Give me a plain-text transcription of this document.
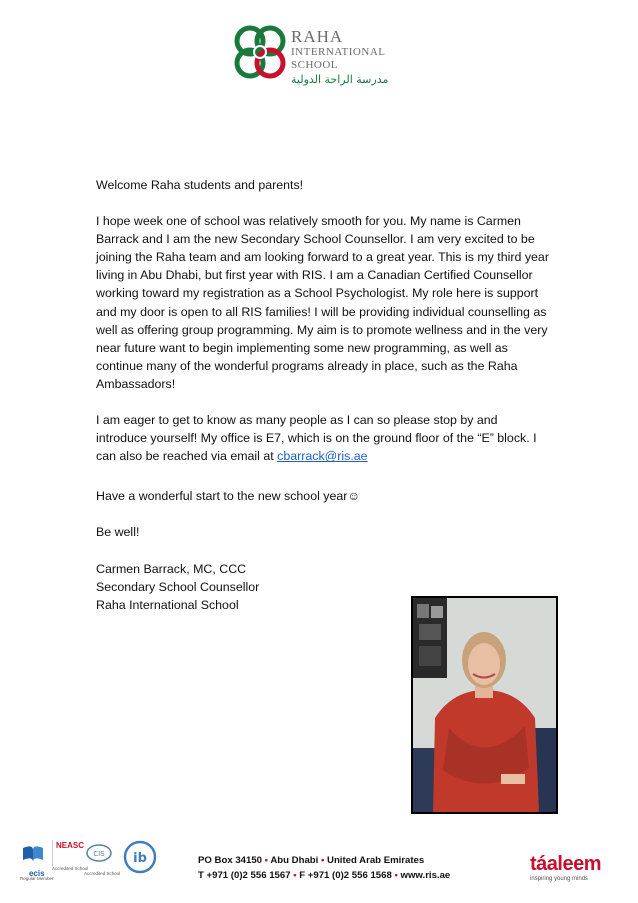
RAHA
INTERNATIONAL
SCHOOL
مدرسة الراحة الدولية

Welcome Raha students and parents!

I hope week one of school was relatively smooth for you. My name is Carmen Barrack and I am the new Secondary School Counsellor. I am very excited to be joining the Raha team and am looking forward to a great year. This is my third year living in Abu Dhabi, but first year with RIS. I am a Canadian Certified Counsellor working toward my registration as a School Psychologist. My role here is support and my door is open to all RIS families! I will be providing individual counselling as well as offering group programming. My aim is to promote wellness and in the very near future want to begin implementing some new programming, as well as continue many of the wonderful programs already in place, such as the Raha Ambassadors!

I am eager to get to know as many people as I can so please stop by and introduce yourself! My office is E7, which is on the ground floor of the “E” block. I can also be reached via email at cbarrack@ris.ae

Have a wonderful start to the new school year☺

Be well!

Carmen Barrack, MC, CCC

Secondary School Counsellor

Raha International School

ecis
Regular Member
NEASC
Accredited School
CIS
Accredited School
ib	PO Box 34150 • Abu Dhabi • United Arab Emirates
T +971 (0)2 556 1567 • F +971 (0)2 556 1568 • www.ris.ae
táaleem
inspiring young minds
